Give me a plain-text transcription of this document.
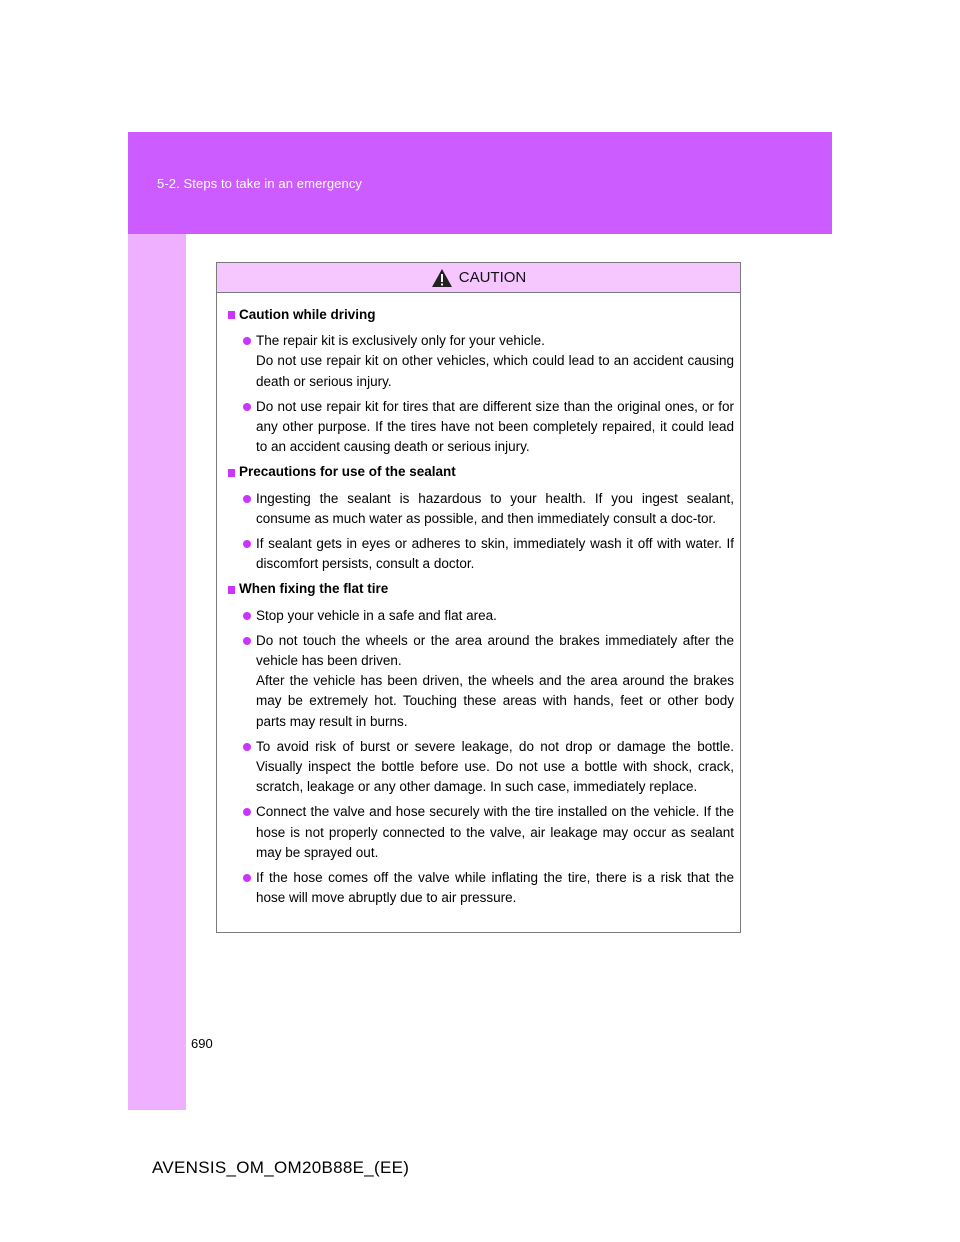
5-2. Steps to take in an emergency
CAUTION
Caution while driving

The repair kit is exclusively only for your vehicle.

Do not use repair kit on other vehicles, which could lead to an accident causing death or serious injury.

Do not use repair kit for tires that are different size than the original ones, or for any other purpose. If the tires have not been completely repaired, it could lead to an accident causing death or serious injury.

Precautions for use of the sealant

Ingesting the sealant is hazardous to your health. If you ingest sealant, consume as much water as possible, and then immediately consult a doc-tor.

If sealant gets in eyes or adheres to skin, immediately wash it off with water. If discomfort persists, consult a doctor.

When fixing the flat tire

Stop your vehicle in a safe and flat area.

Do not touch the wheels or the area around the brakes immediately after the vehicle has been driven.

After the vehicle has been driven, the wheels and the area around the brakes may be extremely hot. Touching these areas with hands, feet or other body parts may result in burns.

To avoid risk of burst or severe leakage, do not drop or damage the bottle. Visually inspect the bottle before use. Do not use a bottle with shock, crack, scratch, leakage or any other damage. In such case, immediately replace.

Connect the valve and hose securely with the tire installed on the vehicle. If the hose is not properly connected to the valve, air leakage may occur as sealant may be sprayed out.

If the hose comes off the valve while inflating the tire, there is a risk that the hose will move abruptly due to air pressure.

690
AVENSIS_OM_OM20B88E_(EE)
